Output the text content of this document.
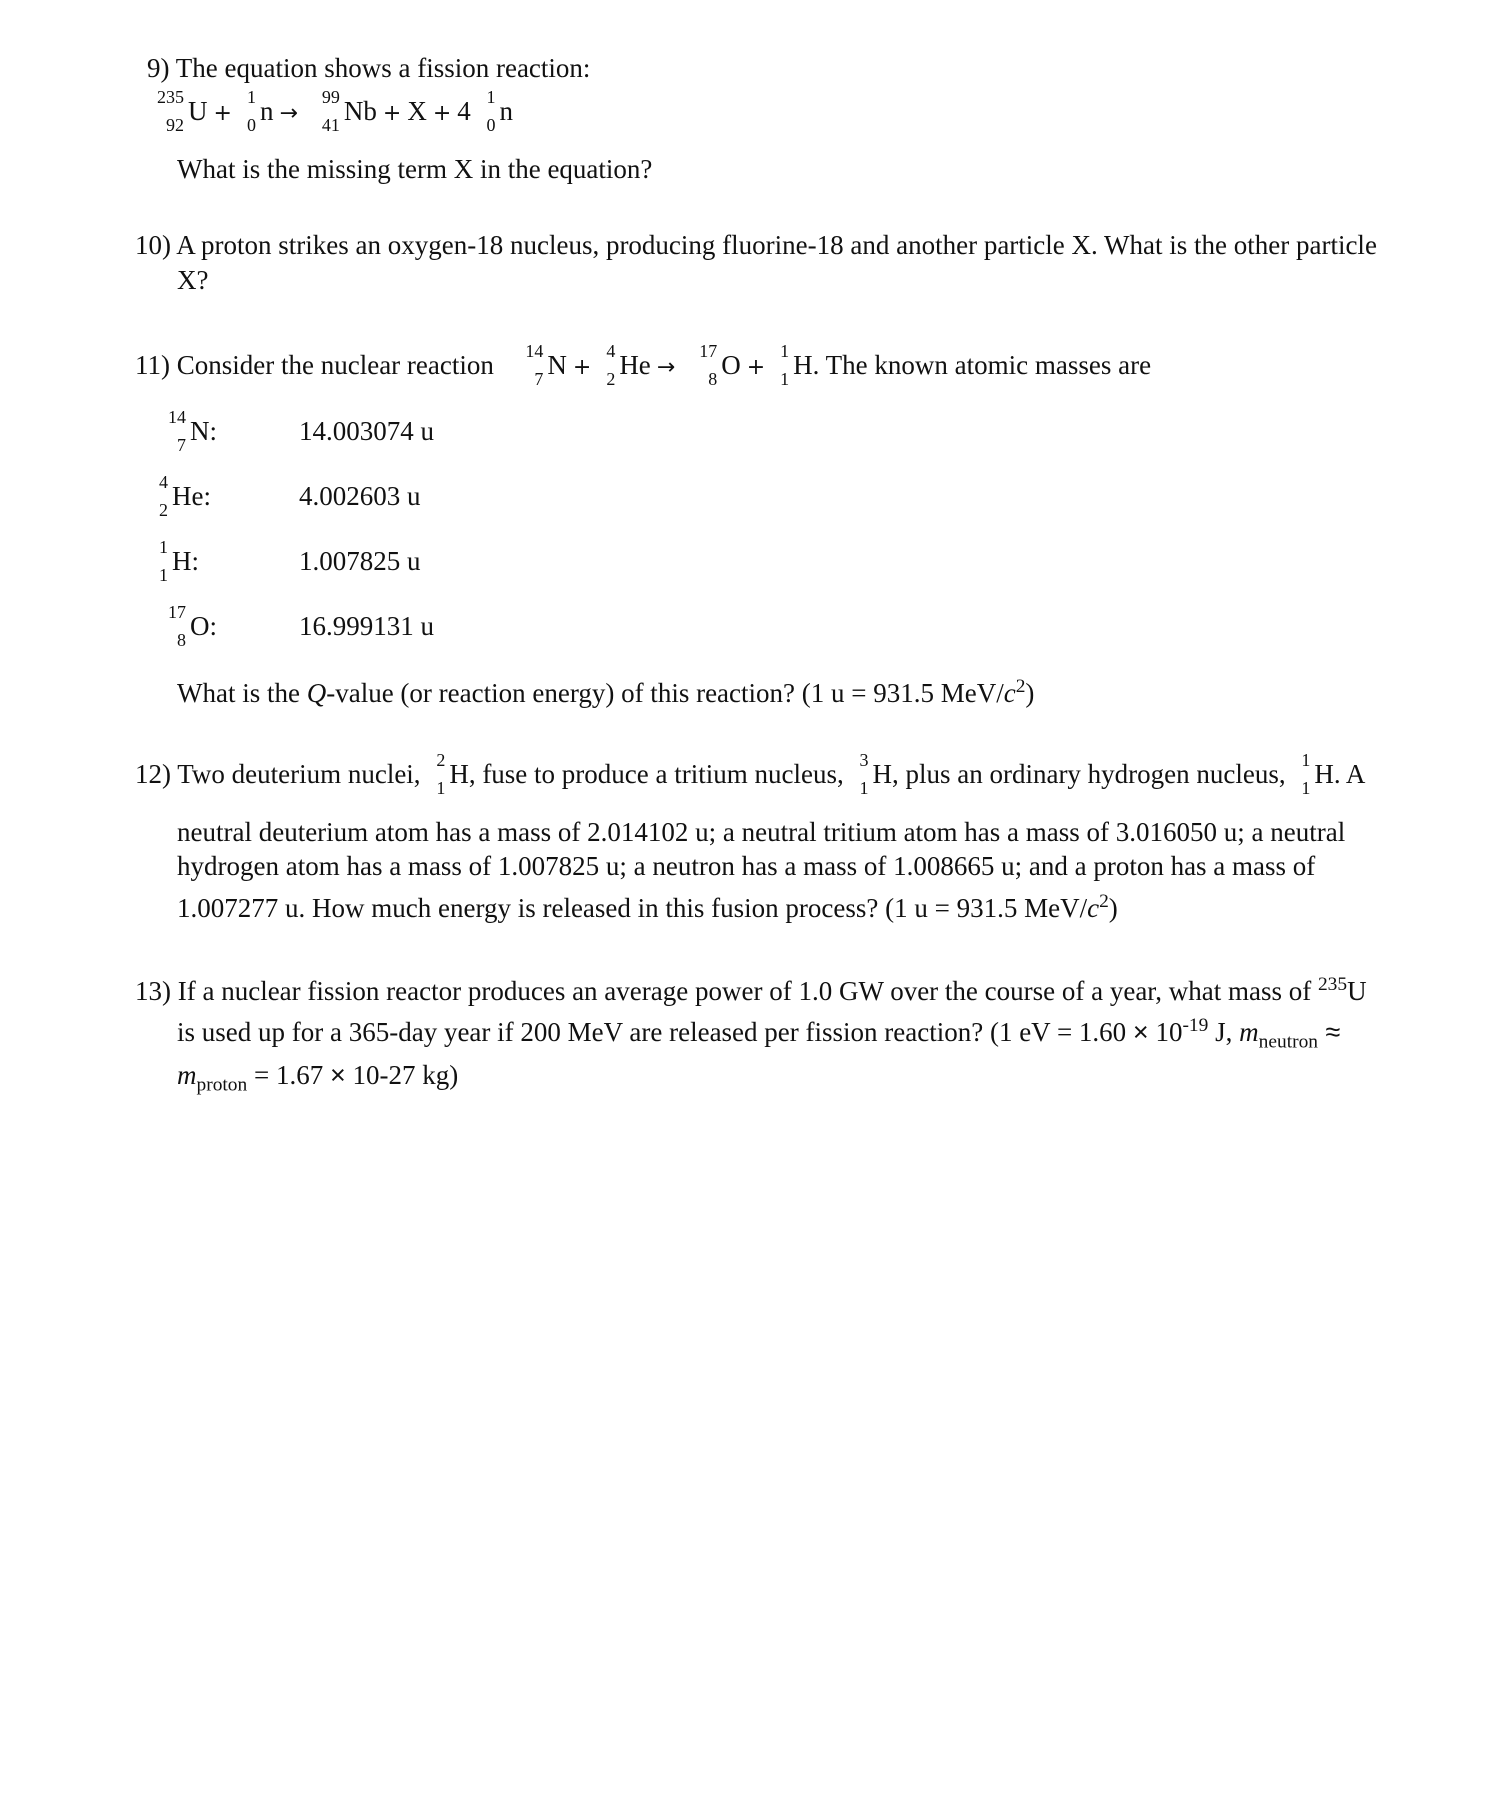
9) The equation shows a fission reaction:
235
92 U +
1
0 n →
99
41 Nb + X + 4 1
0 n
What is the missing term X in the equation?
10) A proton strikes an oxygen-18 nucleus, producing fluorine-18 and another particle X. What is the other particle
X?
11) Consider the nuclear reaction	14
7 N +
4
2 He →
17
8 O +
1
1 H. The known atomic masses are
14
7 N:	14.003074 u
4
2 He:	4.002603 u
1
1 H:	1.007825 u
17
8 O:	16.999131 u
What is the Q-value (or reaction energy) of this reaction? (1 u = 931.5 MeV/$c^2$)
12) Two deuterium nuclei, 2
1 H, fuse to produce a tritium nucleus, 3
1 H, plus an ordinary hydrogen nucleus, 1
1 H. A
neutral deuterium atom has a mass of 2.014102 u; a neutral tritium atom has a mass of 3.016050 u; a neutral
hydrogen atom has a mass of 1.007825 u; a neutron has a mass of 1.008665 u; and a proton has a mass of
1.007277 u. How much energy is released in this fusion process? (1 u = 931.5 MeV/$c^2$)
13) If a nuclear fission reactor produces an average power of 1.0 GW over the course of a year, what mass of $^{235}$U
is used up for a 365-day year if 200 MeV are released per fission reaction? (1 eV = $1.60 \times 10^{-19}$ J, $m_{neutron}$ ≈
$m_{proton} = 1.67 \times 10-27$ kg)
